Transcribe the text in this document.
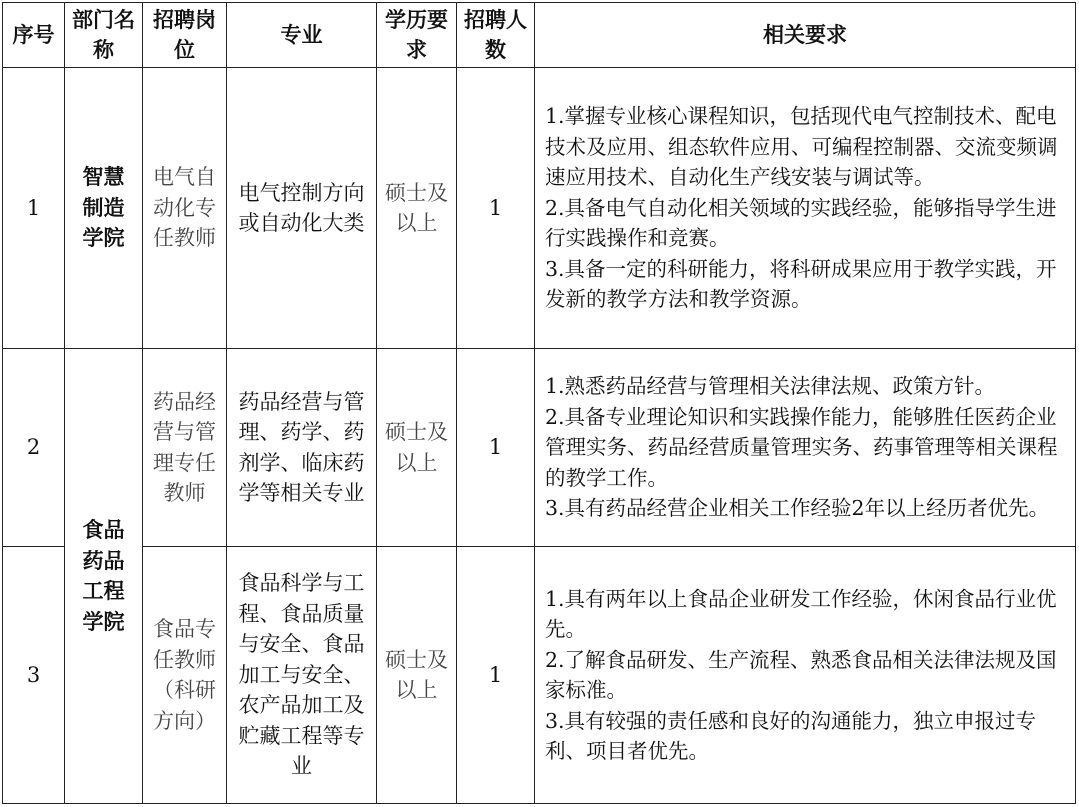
序号	部门名称	招聘岗位	专业	学历要求	招聘人数	相关要求
1	智慧制造学院	电气自动化专任教师	电气控制方向或自动化大类	硕士及以上	1	1.掌握专业核心课程知识，包括现代电气控制技术、配电技术及应用、组态软件应用、可编程控制器、交流变频调速应用技术、自动化生产线安装与调试等。
2.具备电气自动化相关领域的实践经验，能够指导学生进行实践操作和竞赛。
3.具备一定的科研能力，将科研成果应用于教学实践，开发新的教学方法和教学资源。

2	食品药品工程学院	药品经营与管理专任教师	药品经营与管理、药学、药剂学、临床药学等相关专业	硕士及以上	1	1.熟悉药品经营与管理相关法律法规、政策方针。
2.具备专业理论知识和实践操作能力，能够胜任医药企业管理实务、药品经营质量管理实务、药事管理等相关课程的教学工作。
3.具有药品经营企业相关工作经验2年以上经历者优先。

3		食品专任教师（科研方向）	食品科学与工程、食品质量与安全、食品加工与安全、农产品加工及贮藏工程等专业	硕士及以上	1	1.具有两年以上食品企业研发工作经验，休闲食品行业优先。
2.了解食品研发、生产流程、熟悉食品相关法律法规及国家标准。
3.具有较强的责任感和良好的沟通能力，独立申报过专利、项目者优先。
